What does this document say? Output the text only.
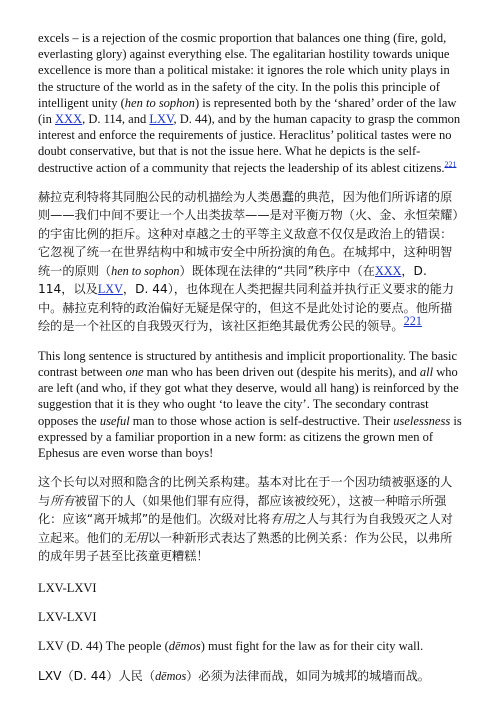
excels – is a rejection of the cosmic proportion that balances one thing (fire, gold, everlasting glory) against everything else. The egalitarian hostility towards unique excellence is more than a political mistake: it ignores the role which unity plays in the structure of the world as in the safety of the city. In the polis this principle of intelligent unity (hen to sophon) is represented both by the ‘shared’ order of the law (in XXX, D. 114, and LXV, D. 44), and by the human capacity to grasp the common interest and enforce the requirements of justice. Heraclitus’ political tastes were no doubt conservative, but that is not the issue here. What he depicts is the self-destructive action of a community that rejects the leadership of its ablest citizens.$^{221}$

赫拉克利特将其同胞公民的动机描绘为人类愚蠢的典范，因为他们所诉诸的原则——我们中间不要让一个人出类拔萃——是对平衡万物（火、金、永恒荣耀）的宇宙比例的拒斥。这种对卓越之士的平等主义敌意不仅仅是政治上的错误：它忽视了统一在世界结构中和城市安全中所扮演的角色。在城邦中，这种明智统一的原则（hen to sophon）既体现在法律的“共同”秩序中（在XXX，D. 114，以及LXV，D. 44），也体现在人类把握共同利益并执行正义要求的能力中。赫拉克利特的政治偏好无疑是保守的，但这不是此处讨论的要点。他所描绘的是一个社区的自我毁灭行为，该社区拒绝其最优秀公民的领导。$^{221}$

This long sentence is structured by antithesis and implicit proportionality. The basic contrast between one man who has been driven out (despite his merits), and all who are left (and who, if they got what they deserve, would all hang) is reinforced by the suggestion that it is they who ought ‘to leave the city’. The secondary contrast opposes the useful man to those whose action is self-destructive. Their uselessness is expressed by a familiar proportion in a new form: as citizens the grown men of Ephesus are even worse than boys!

这个长句以对照和隐含的比例关系构建。基本对比在于一个因功绩被驱逐的人与所有被留下的人（如果他们罪有应得，都应该被绞死），这被一种暗示所强化：应该“离开城邦”的是他们。次级对比将有用之人与其行为自我毁灭之人对立起来。他们的无用以一种新形式表达了熟悉的比例关系：作为公民，以弗所的成年男子甚至比孩童更糟糕！

LXV-LXVI

LXV-LXVI

LXV (D. 44) The people (dēmos) must fight for the law as for their city wall.

LXV（D. 44）人民（dēmos）必须为法律而战，如同为城邦的城墙而战。
